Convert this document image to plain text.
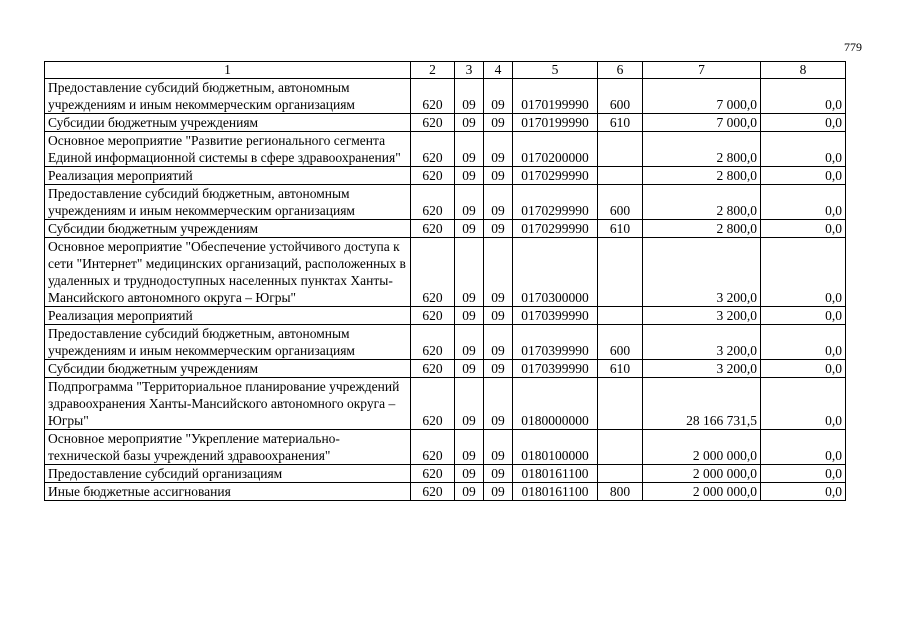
779
1	2	3	4	5	6	7	8
Предоставление субсидий бюджетным, автономным учреждениям и иным некоммерческим организациям	620	09	09	0170199990	600	7 000,0	0,0
Субсидии бюджетным учреждениям	620	09	09	0170199990	610	7 000,0	0,0
Основное мероприятие "Развитие регионального сегмента Единой информационной системы в сфере здравоохранения"	620	09	09	0170200000		2 800,0	0,0
Реализация мероприятий	620	09	09	0170299990		2 800,0	0,0
Предоставление субсидий бюджетным, автономным учреждениям и иным некоммерческим организациям	620	09	09	0170299990	600	2 800,0	0,0
Субсидии бюджетным учреждениям	620	09	09	0170299990	610	2 800,0	0,0
Основное мероприятие "Обеспечение устойчивого доступа к сети "Интернет" медицинских организаций, расположенных в удаленных и труднодоступных населенных пунктах Ханты-Мансийского автономного округа – Югры"	620	09	09	0170300000		3 200,0	0,0
Реализация мероприятий	620	09	09	0170399990		3 200,0	0,0
Предоставление субсидий бюджетным, автономным учреждениям и иным некоммерческим организациям	620	09	09	0170399990	600	3 200,0	0,0
Субсидии бюджетным учреждениям	620	09	09	0170399990	610	3 200,0	0,0
Подпрограмма "Территориальное планирование учреждений здравоохранения Ханты-Мансийского автономного округа – Югры"	620	09	09	0180000000		28 166 731,5	0,0
Основное мероприятие "Укрепление материально-технической базы учреждений здравоохранения"	620	09	09	0180100000		2 000 000,0	0,0
Предоставление субсидий организациям	620	09	09	0180161100		2 000 000,0	0,0
Иные бюджетные ассигнования	620	09	09	0180161100	800	2 000 000,0	0,0
